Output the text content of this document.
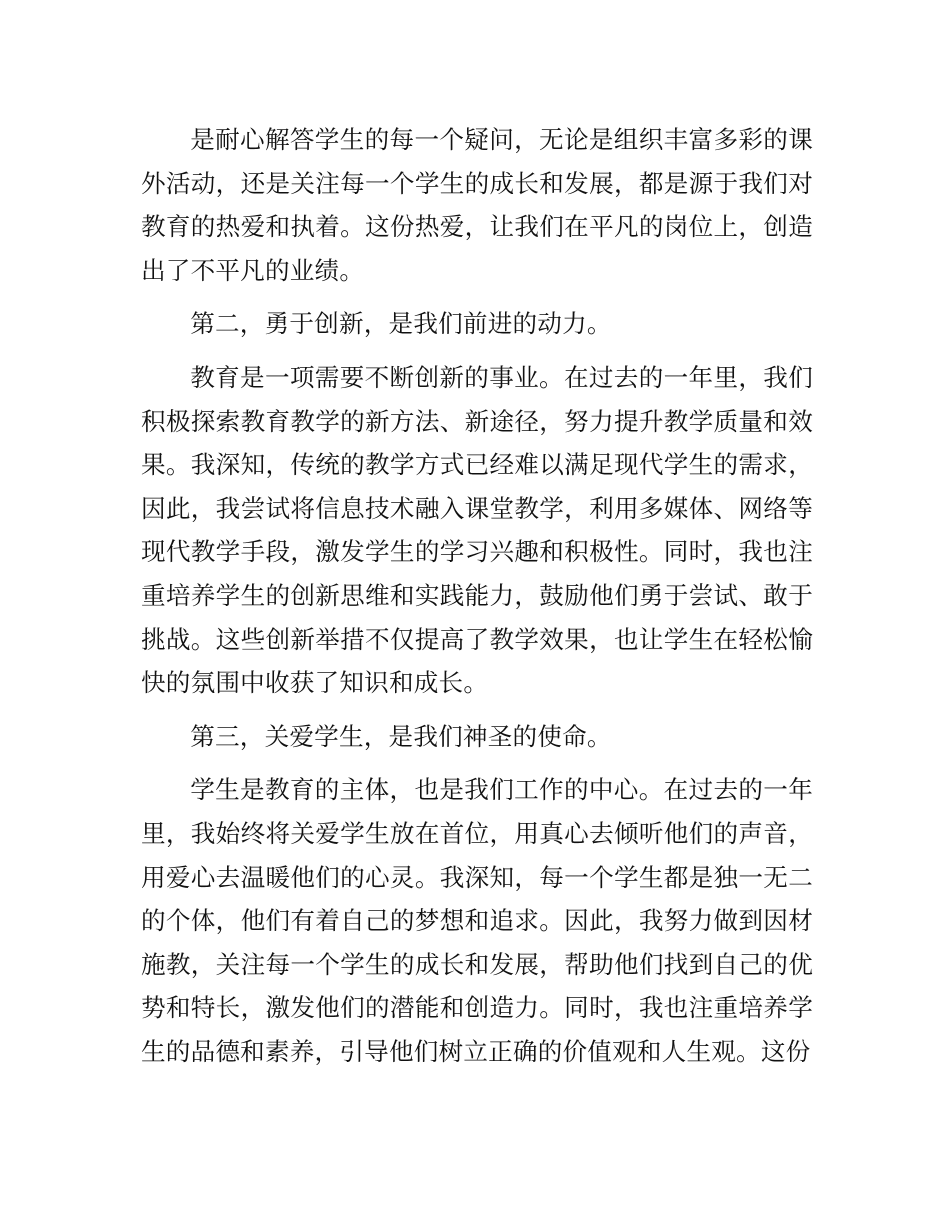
是耐心解答学生的每一个疑问，无论是组织丰富多彩的课外活动，还是关注每一个学生的成长和发展，都是源于我们对教育的热爱和执着。这份热爱，让我们在平凡的岗位上，创造出了不平凡的业绩。

第二，勇于创新，是我们前进的动力。

教育是一项需要不断创新的事业。在过去的一年里，我们积极探索教育教学的新方法、新途径，努力提升教学质量和效果。我深知，传统的教学方式已经难以满足现代学生的需求，因此，我尝试将信息技术融入课堂教学，利用多媒体、网络等现代教学手段，激发学生的学习兴趣和积极性。同时，我也注重培养学生的创新思维和实践能力，鼓励他们勇于尝试、敢于挑战。这些创新举措不仅提高了教学效果，也让学生在轻松愉快的氛围中收获了知识和成长。

第三，关爱学生，是我们神圣的使命。

学生是教育的主体，也是我们工作的中心。在过去的一年里，我始终将关爱学生放在首位，用真心去倾听他们的声音，用爱心去温暖他们的心灵。我深知，每一个学生都是独一无二的个体，他们有着自己的梦想和追求。因此，我努力做到因材施教，关注每一个学生的成长和发展，帮助他们找到自己的优势和特长，激发他们的潜能和创造力。同时，我也注重培养学生的品德和素养，引导他们树立正确的价值观和人生观。这份
